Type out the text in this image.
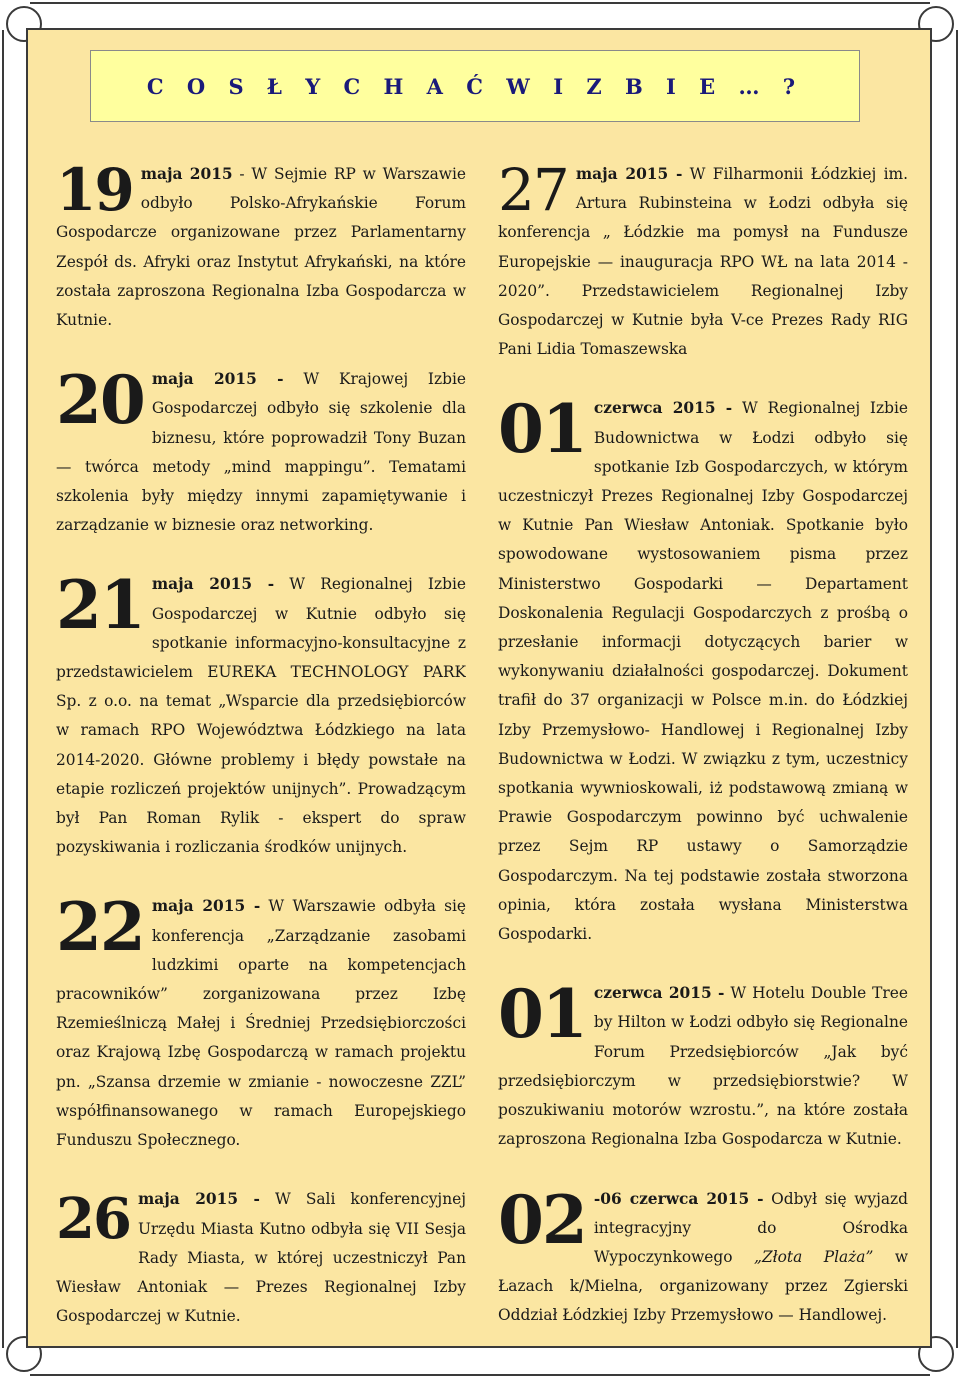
C O S Ł Y C H A Ć W I Z B I E … ?
19 maja 2015 - W Sejmie RP w Warszawie odbyło Polsko-Afrykańskie Forum Gospodarcze organizowane przez Parlamentarny Zespół ds. Afryki oraz Instytut Afrykański, na które została zaproszona Regionalna Izba Gospodarcza w Kutnie.

20 maja 2015 - W Krajowej Izbie Gospodarczej odbyło się szkolenie dla biznesu, które poprowadził Tony Buzan — twórca metody „mind mappingu”. Tematami szkolenia były między innymi zapamiętywanie i zarządzanie w biznesie oraz networking.

21 maja 2015 - W Regionalnej Izbie Gospodarczej w Kutnie odbyło się spotkanie informacyjno-konsultacyjne z przedstawicielem EUREKA TECHNOLOGY PARK Sp. z o.o. na temat „Wsparcie dla przedsiębiorców w ramach RPO Województwa Łódzkiego na lata 2014-2020. Główne problemy i błędy powstałe na etapie rozliczeń projektów unijnych”. Prowadzącym był Pan Roman Rylik - ekspert do spraw pozyskiwania i rozliczania środków unijnych.

22 maja 2015 - W Warszawie odbyła się konferencja „Zarządzanie zasobami ludzkimi oparte na kompetencjach pracowników” zorganizowana przez Izbę Rzemieślniczą Małej i Średniej Przedsiębiorczości oraz Krajową Izbę Gospodarczą w ramach projektu pn. „Szansa drzemie w zmianie - nowoczesne ZZL” współfinansowanego w ramach Europejskiego Funduszu Społecznego.

26 maja 2015 - W Sali konferencyjnej Urzędu Miasta Kutno odbyła się VII Sesja Rady Miasta, w której uczestniczył Pan Wiesław Antoniak — Prezes Regionalnej Izby Gospodarczej w Kutnie.

27 maja 2015 - W Filharmonii Łódzkiej im. Artura Rubinsteina w Łodzi odbyła się konferencja „ Łódzkie ma pomysł na Fundusze Europejskie — inauguracja RPO WŁ na lata 2014 - 2020”. Przedstawicielem Regionalnej Izby Gospodarczej w Kutnie była V-ce Prezes Rady RIG Pani Lidia Tomaszewska

01 czerwca 2015 - W Regionalnej Izbie Budownictwa w Łodzi odbyło się spotkanie Izb Gospodarczych, w którym uczestniczył Prezes Regionalnej Izby Gospodarczej w Kutnie Pan Wiesław Antoniak. Spotkanie było spowodowane wystosowaniem pisma przez Ministerstwo Gospodarki — Departament Doskonalenia Regulacji Gospodarczych z prośbą o przesłanie informacji dotyczących barier w wykonywaniu działalności gospodarczej. Dokument trafił do 37 organizacji w Polsce m.in. do Łódzkiej Izby Przemysłowo- Handlowej i Regionalnej Izby Budownictwa w Łodzi. W związku z tym, uczestnicy spotkania wywnioskowali, iż podstawową zmianą w Prawie Gospodarczym powinno być uchwalenie przez Sejm RP ustawy o Samorządzie Gospodarczym. Na tej podstawie została stworzona opinia, która została wysłana Ministerstwa Gospodarki.

01 czerwca 2015 - W Hotelu Double Tree by Hilton w Łodzi odbyło się Regionalne Forum Przedsiębiorców „Jak być przedsiębiorczym w przedsiębiorstwie? W poszukiwaniu motorów wzrostu.”, na które została zaproszona Regionalna Izba Gospodarcza w Kutnie.

02 -06 czerwca 2015 - Odbył się wyjazd integracyjny do Ośrodka Wypoczynkowego „Złota Plaża” w Łazach k/Mielna, organizowany przez Zgierski Oddział Łódzkiej Izby Przemysłowo — Handlowej.
